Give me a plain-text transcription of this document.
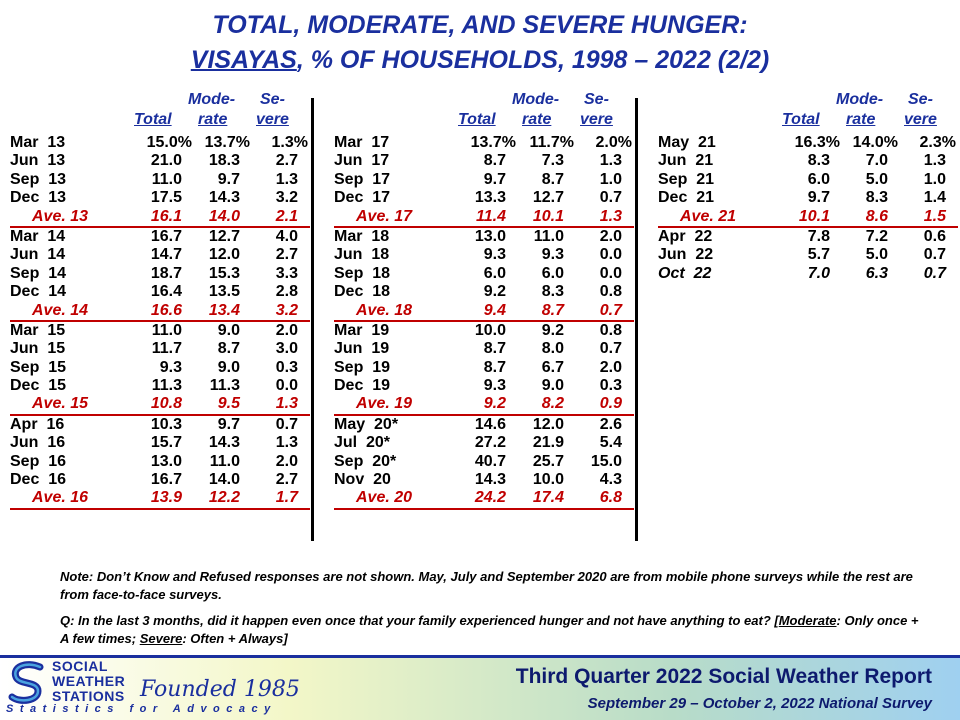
TOTAL, MODERATE, AND SEVERE HUNGER:
VISAYAS, % OF HOUSEHOLDS, 1998 – 2022 (2/2)
Mode- Se-
Total rate vere
Mar  13	15.0% 13.7% 1.3%
Jun  13	21.0 18.3 2.7
Sep  13	11.0 9.7 1.3
Dec  13	17.5 14.3 3.2
Ave. 13	16.1 14.0 2.1
Mar  14	16.7 12.7 4.0
Jun  14	14.7 12.0 2.7
Sep  14	18.7 15.3 3.3
Dec  14	16.4 13.5 2.8
Ave. 14	16.6 13.4 3.2
Mar  15	11.0 9.0 2.0
Jun  15	11.7 8.7 3.0
Sep  15	9.3 9.0 0.3
Dec  15	11.3 11.3 0.0
Ave. 15	10.8 9.5 1.3
Apr  16	10.3 9.7 0.7
Jun  16	15.7 14.3 1.3
Sep  16	13.0 11.0 2.0
Dec  16	16.7 14.0 2.7
Ave. 16	13.9 12.2 1.7
Mode- Se-
Total rate vere
Mar  17	13.7% 11.7% 2.0%
Jun  17	8.7 7.3 1.3
Sep  17	9.7 8.7 1.0
Dec  17	13.3 12.7 0.7
Ave. 17	11.4 10.1 1.3
Mar  18	13.0 11.0 2.0
Jun  18	9.3 9.3 0.0
Sep  18	6.0 6.0 0.0
Dec  18	9.2 8.3 0.8
Ave. 18	9.4 8.7 0.7
Mar  19	10.0 9.2 0.8
Jun  19	8.7 8.0 0.7
Sep  19	8.7 6.7 2.0
Dec  19	9.3 9.0 0.3
Ave. 19	9.2 8.2 0.9
May  20*	14.6 12.0 2.6
Jul  20*	27.2 21.9 5.4
Sep  20*	40.7 25.7 15.0
Nov  20	14.3 10.0 4.3
Ave. 20	24.2 17.4 6.8
Mode- Se-
Total rate vere
May  21	16.3% 14.0% 2.3%
Jun  21	8.3 7.0 1.3
Sep  21	6.0 5.0 1.0
Dec  21	9.7 8.3 1.4
Ave. 21	10.1 8.6 1.5
Apr  22	7.8 7.2 0.6
Jun  22	5.7 5.0 0.7
Oct  22	7.0 6.3 0.7
Note: Don’t Know and Refused responses are not shown. May, July and September 2020 are from mobile phone surveys while the rest are from face-to-face surveys.
Q: In the last 3 months, did it happen even once that your family experienced hunger and not have anything to eat? [Moderate: Only once + A few times; Severe: Often + Always]
SOCIAL
WEATHER
STATIONS Founded 1985
Statistics for Advocacy
Third Quarter 2022 Social Weather Report
September 29 – October 2, 2022 National Survey
